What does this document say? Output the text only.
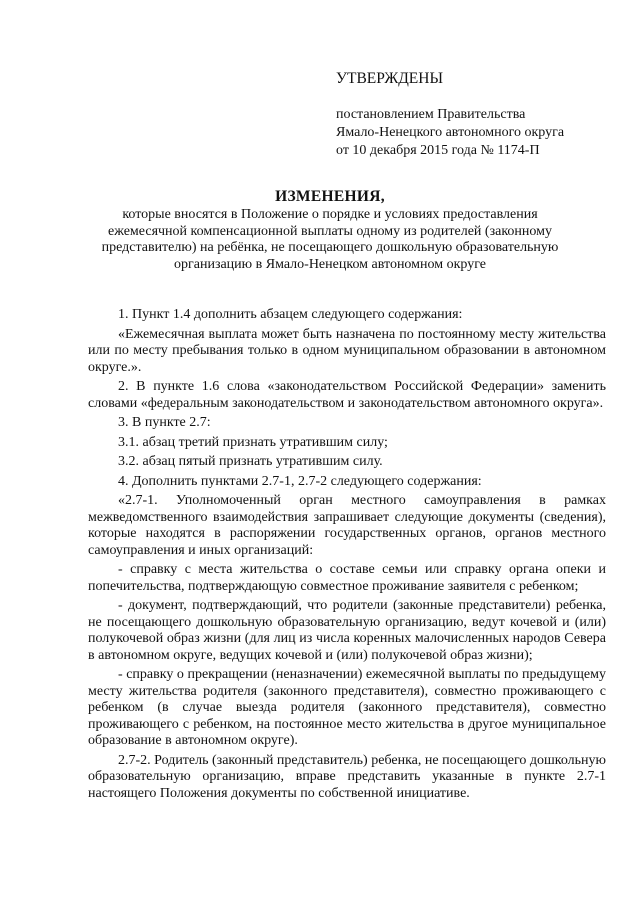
УТВЕРЖДЕНЫ
постановлением Правительства
Ямало-Ненецкого автономного округа
от 10 декабря 2015 года № 1174-П
ИЗМЕНЕНИЯ,
которые вносятся в Положение о порядке и условиях предоставления ежемесячной компенсационной выплаты одному из родителей (законному представителю) на ребёнка, не посещающего дошкольную образовательную организацию в Ямало-Ненецком автономном округе

1. Пункт 1.4 дополнить абзацем следующего содержания:

«Ежемесячная выплата может быть назначена по постоянному месту жительства или по месту пребывания только в одном муниципальном образовании в автономном округе.».

2. В пункте 1.6 слова «законодательством Российской Федерации» заменить словами «федеральным законодательством и законодательством автономного округа».

3. В пункте 2.7:

3.1. абзац третий признать утратившим силу;

3.2. абзац пятый признать утратившим силу.

4. Дополнить пунктами 2.7-1, 2.7-2 следующего содержания:

«2.7-1. Уполномоченный орган местного самоуправления в рамках межведомственного взаимодействия запрашивает следующие документы (сведения), которые находятся в распоряжении государственных органов, органов местного самоуправления и иных организаций:

- справку с места жительства о составе семьи или справку органа опеки и попечительства, подтверждающую совместное проживание заявителя с ребенком;

- документ, подтверждающий, что родители (законные представители) ребенка, не посещающего дошкольную образовательную организацию, ведут кочевой и (или) полукочевой образ жизни (для лиц из числа коренных малочисленных народов Севера в автономном округе, ведущих кочевой и (или) полукочевой образ жизни);

- справку о прекращении (неназначении) ежемесячной выплаты по предыдущему месту жительства родителя (законного представителя), совместно проживающего с ребенком (в случае выезда родителя (законного представителя), совместно проживающего с ребенком, на постоянное место жительства в другое муниципальное образование в автономном округе).

2.7-2. Родитель (законный представитель) ребенка, не посещающего дошкольную образовательную организацию, вправе представить указанные в пункте 2.7-1 настоящего Положения документы по собственной инициативе.
